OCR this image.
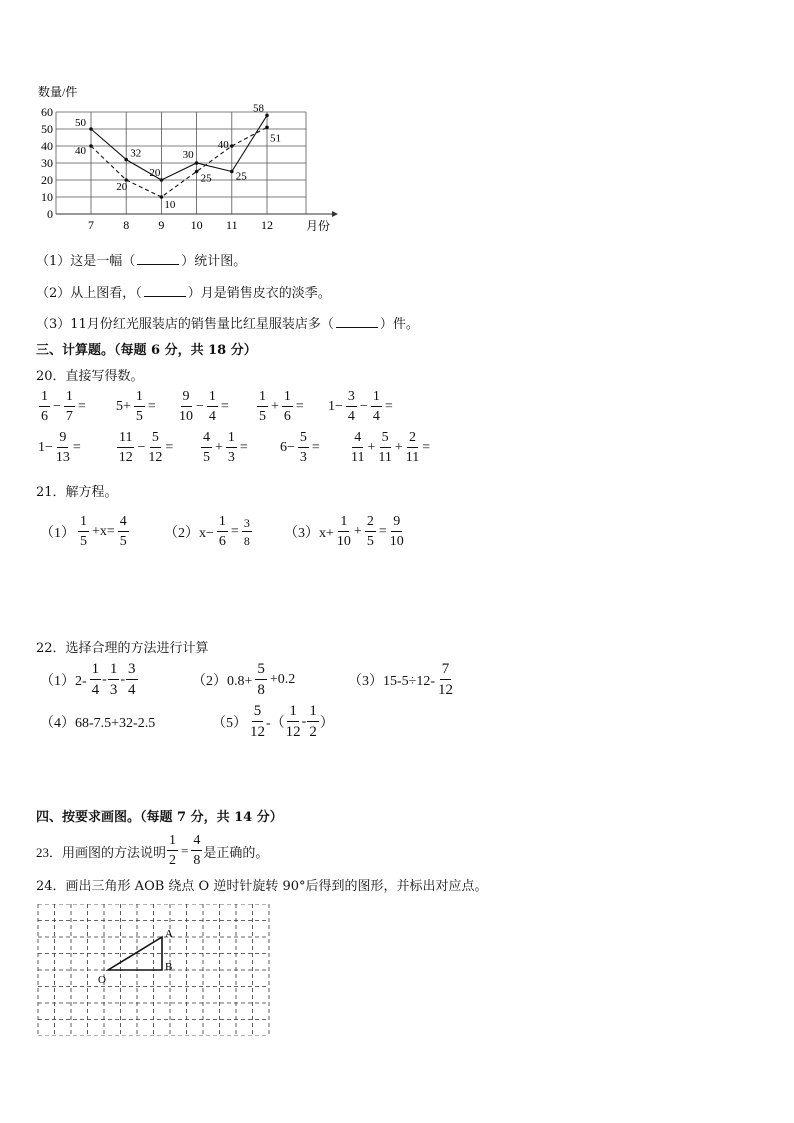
数量/件
月份
0
10
20
30
40
50
60
7 8 9 10 11 12
50
32
20
30
25
58
40
20
10
25
40
51
（1）这是一幅（	）统计图。
（2）从上图看，（	）月是销售皮衣的淡季。
（3）11月份红光服装店的销售量比红星服装店多（	）件。
三、计算题。（每题 6 分，共 18 分）
20．直接写得数。
$\frac{1}{6} - \frac{1}{7} = 5+ \frac{1}{5} = \frac{9}{10} - \frac{1}{4} = \frac{1}{5} + \frac{1}{6} = 1- \frac{3}{4} - \frac{1}{4}$ =
$1- \frac{9}{13}$ =	$\frac{11}{12} - \frac{5}{12} = \frac{4}{5} + \frac{1}{3} = 6- \frac{5}{3} = \frac{4}{11} + \frac{5}{11} + \frac{2}{11}$ =
21．解方程。
$(1) \frac{1}{5} +x= \frac{4}{5}$	$(2)x- \frac{1}{6} = \frac{3}{8} (3)x+ \frac{1}{10} + \frac{2}{5} = \frac{9}{10}$
22．选择合理的方法进行计算
$(1)2- \frac{1}{4} - \frac{1}{3} - \frac{3}{4}$	$(2)0.8+ \frac{5}{8} +0.2$	$(3)15-5\div 12- \frac{7}{12}$
（4）68-7.5+32-2.5	$(5) \frac{5}{12}$ -（ $\frac{1}{12} - \frac{1}{2}$ ）
四、按要求画图。（每题 7 分，共 14 分）
23．用画图的方法说明 $\frac{1}{2} = \frac{4}{8}$ 是正确的。
24．画出三角形 AOB 绕点 O 逆时针旋转 90°后得到的图形，并标出对应点。
A
B
O
